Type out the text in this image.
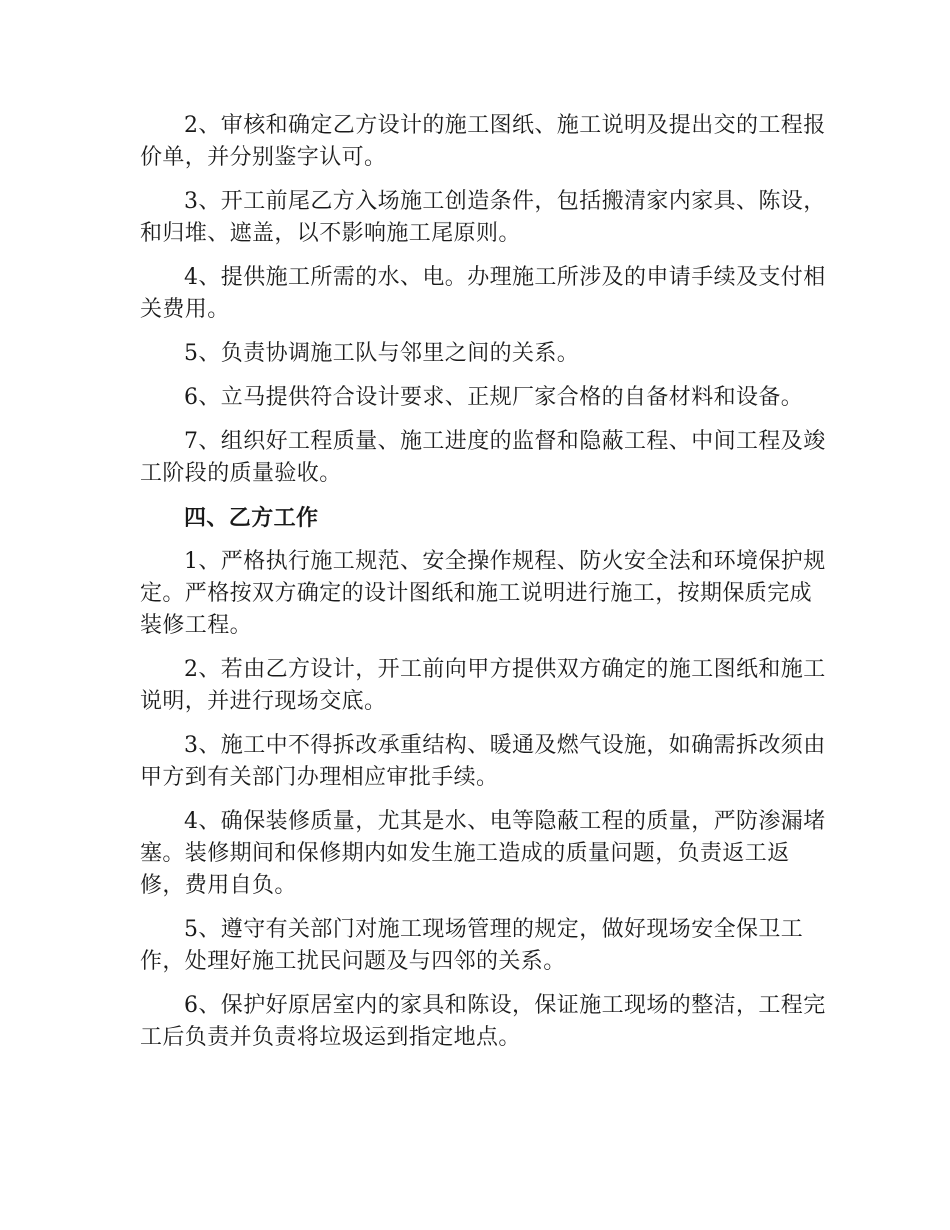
2、审核和确定乙方设计的施工图纸、施工说明及提出交的工程报价单，并分别鉴字认可。

3、开工前尾乙方入场施工创造条件，包括搬清家内家具、陈设，和归堆、遮盖，以不影响施工尾原则。

4、提供施工所需的水、电。办理施工所涉及的申请手续及支付相关费用。

5、负责协调施工队与邻里之间的关系。

6、立马提供符合设计要求、正规厂家合格的自备材料和设备。

7、组织好工程质量、施工进度的监督和隐蔽工程、中间工程及竣工阶段的质量验收。

四、乙方工作

1、严格执行施工规范、安全操作规程、防火安全法和环境保护规定。严格按双方确定的设计图纸和施工说明进行施工，按期保质完成装修工程。

2、若由乙方设计，开工前向甲方提供双方确定的施工图纸和施工说明，并进行现场交底。

3、施工中不得拆改承重结构、暖通及燃气设施，如确需拆改须由甲方到有关部门办理相应审批手续。

4、确保装修质量，尤其是水、电等隐蔽工程的质量，严防渗漏堵塞。装修期间和保修期内如发生施工造成的质量问题，负责返工返修，费用自负。

5、遵守有关部门对施工现场管理的规定，做好现场安全保卫工作，处理好施工扰民问题及与四邻的关系。

6、保护好原居室内的家具和陈设，保证施工现场的整洁，工程完工后负责并负责将垃圾运到指定地点。
